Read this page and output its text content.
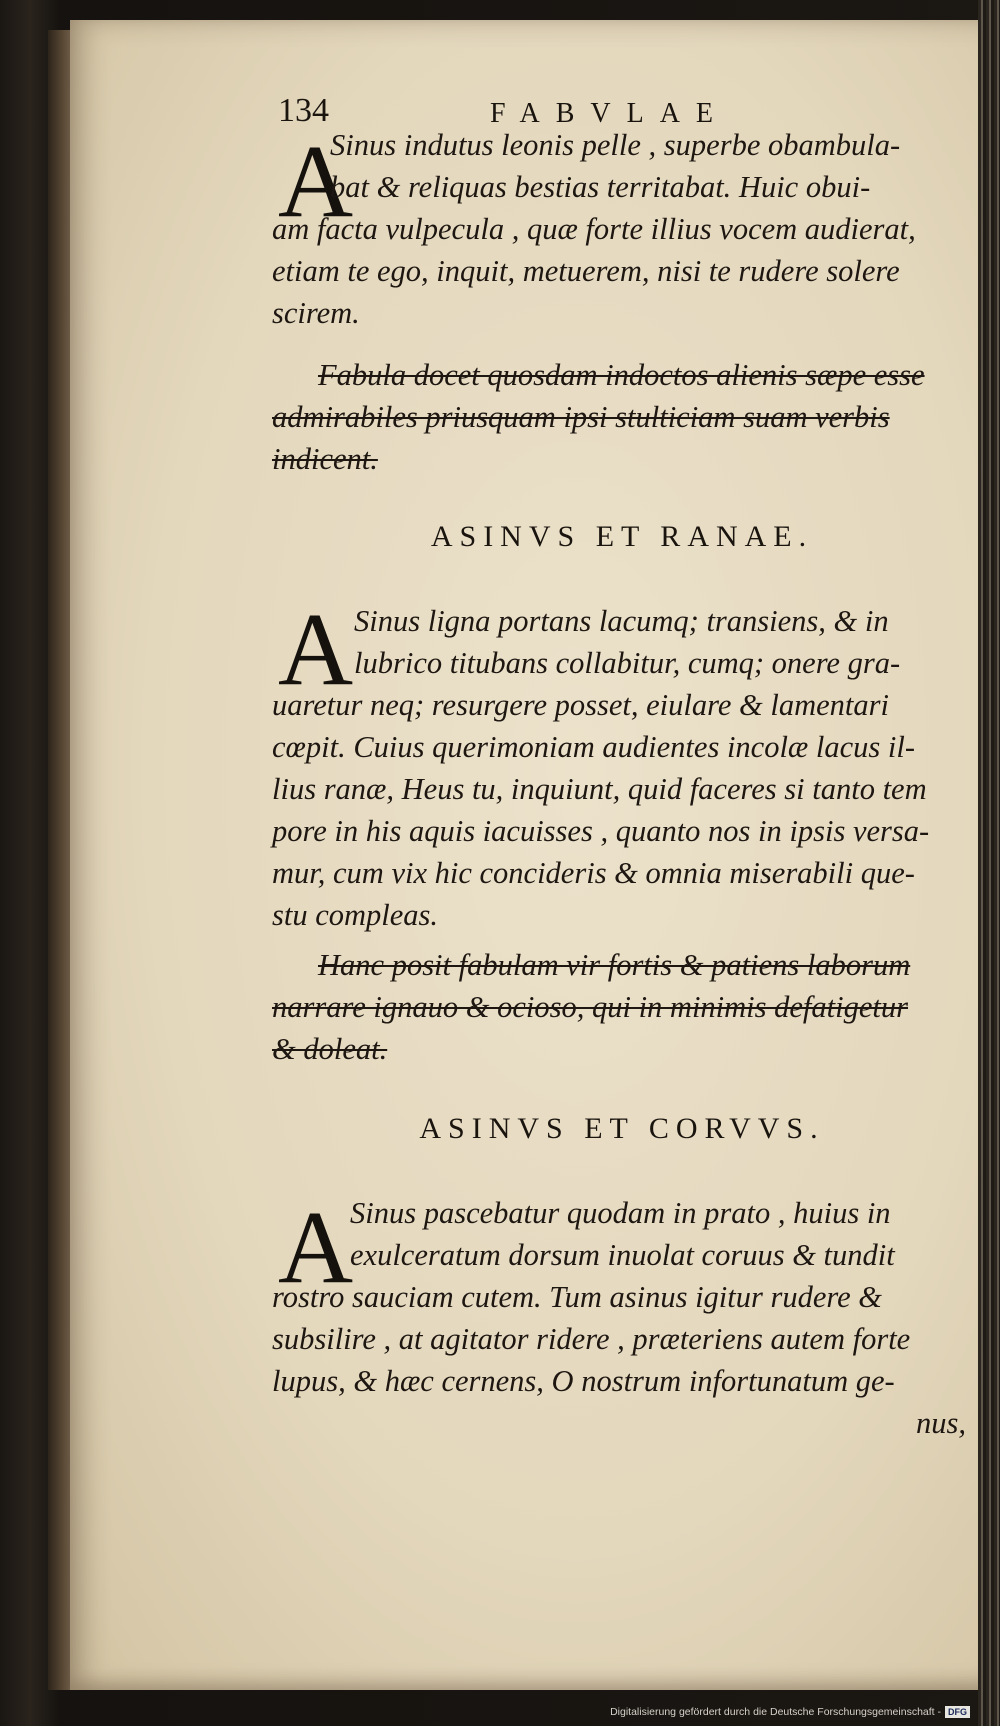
134	FABVLAE
A
Sinus indutus leonis pelle , superbe obambula-
bat & reliquas bestias territabat. Huic obui-
am facta vulpecula , quæ forte illius vocem audierat,
etiam te ego, inquit, metuerem, nisi te rudere solere
scirem.
Fabula docet quosdam indoctos alienis sæpe esse
admirabiles priusquam ipsi stulticiam suam verbis
indicent.
ASINVS ET RANAE.
A Sinus ligna portans lacumq; transiens, & in
lubrico titubans collabitur, cumq; onere gra-
uaretur neq; resurgere posset, eiulare & lamentari
cœpit. Cuius querimoniam audientes incolæ lacus il-
lius ranæ, Heus tu, inquiunt, quid faceres si tanto tem
pore in his aquis iacuisses , quanto nos in ipsis versa-
mur, cum vix hic concideris & omnia miserabili que-
stu compleas.
Hanc posit fabulam vir fortis & patiens laborum
narrare ignauo & ocioso, qui in minimis defatigetur
& doleat.
ASINVS ET CORVVS.
A
Sinus pascebatur quodam in prato , huius in
exulceratum dorsum inuolat coruus & tundit
rostro sauciam cutem. Tum asinus igitur rudere &
subsilire , at agitator ridere , præteriens autem forte
lupus, & hæc cernens, O nostrum infortunatum ge-
nus,
Digitalisierung gefördert durch die Deutsche Forschungsgemeinschaft - DFG
